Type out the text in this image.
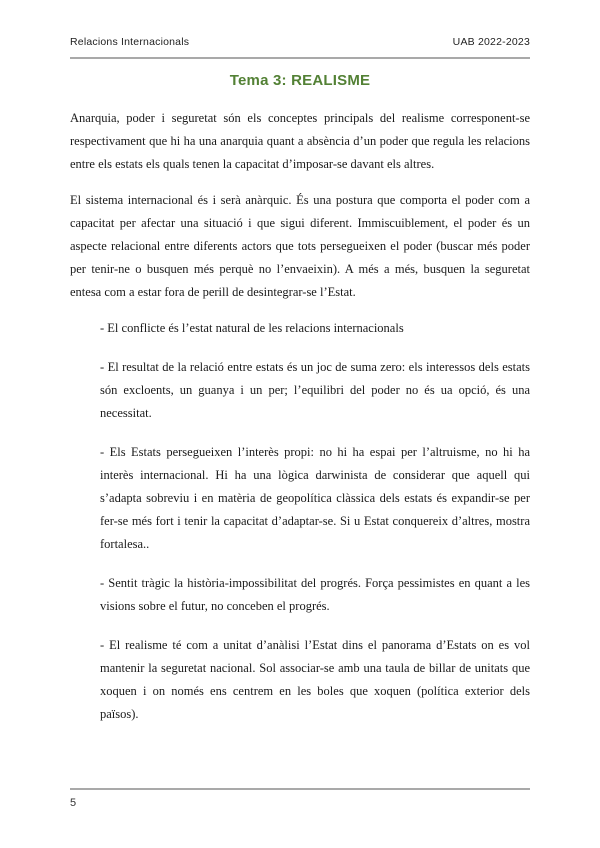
Relacions Internacionals	UAB 2022-2023
Tema 3: REALISME

Anarquia, poder i seguretat són els conceptes principals del realisme corresponent-se respectivament que hi ha una anarquia quant a absència d’un poder que regula les relacions entre els estats els quals tenen la capacitat d’imposar-se davant els altres.

El sistema internacional és i serà anàrquic. És una postura que comporta el poder com a capacitat per afectar una situació i que sigui diferent. Immiscuiblement, el poder és un aspecte relacional entre diferents actors que tots persegueixen el poder (buscar més poder per tenir-ne o busquen més perquè no l’envaeixin). A més a més, busquen la seguretat entesa com a estar fora de perill de desintegrar-se l’Estat.

- El conflicte és l’estat natural de les relacions internacionals

- El resultat de la relació entre estats és un joc de suma zero: els interessos dels estats són excloents, un guanya i un per; l’equilibri del poder no és ua opció, és una necessitat.

- Els Estats persegueixen l’interès propi: no hi ha espai per l’altruisme, no hi ha interès internacional. Hi ha una lògica darwinista de considerar que aquell qui s’adapta sobreviu i en matèria de geopolítica clàssica dels estats és expandir-se per fer-se més fort i tenir la capacitat d’adaptar-se. Si u Estat conquereix d’altres, mostra fortalesa..

- Sentit tràgic la història-impossibilitat del progrés. Força pessimistes en quant a les visions sobre el futur, no conceben el progrés.

- El realisme té com a unitat d’anàlisi l’Estat dins el panorama d’Estats on es vol mantenir la seguretat nacional. Sol associar-se amb una taula de billar de unitats que xoquen i on només ens centrem en les boles que xoquen (política exterior dels països).

5
